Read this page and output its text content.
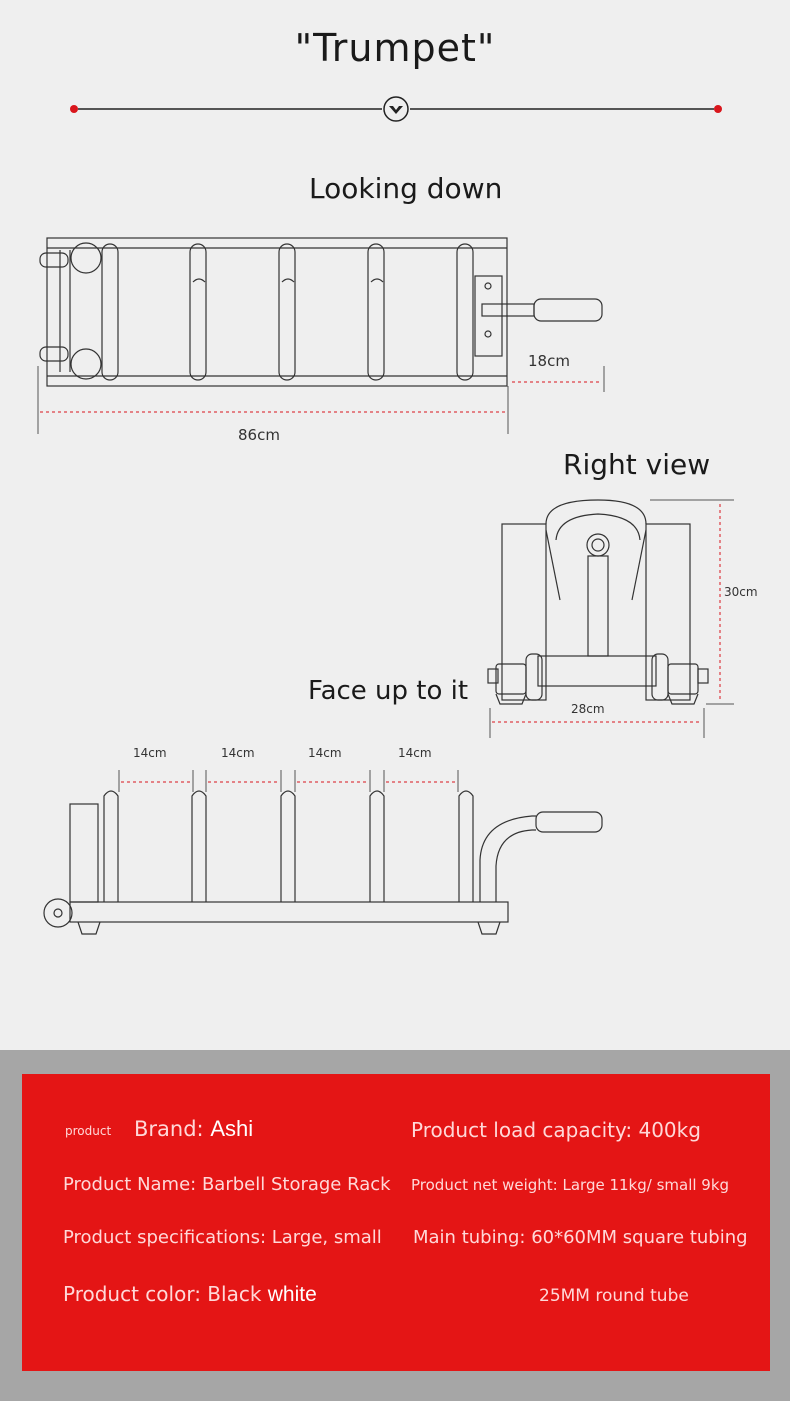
"Trumpet"
Looking down
18cm
86cm
Right view
30cm
28cm
Face up to it
14cm	14cm	14cm	14cm
product Brand: Ashi	Product load capacity: 400kg
Product Name: Barbell Storage Rack Product net weight: Large 11kg/ small 9kg
Product specifications: Large, small Main tubing: 60*60MM square tubing
Product color: Black white	25MM round tube
